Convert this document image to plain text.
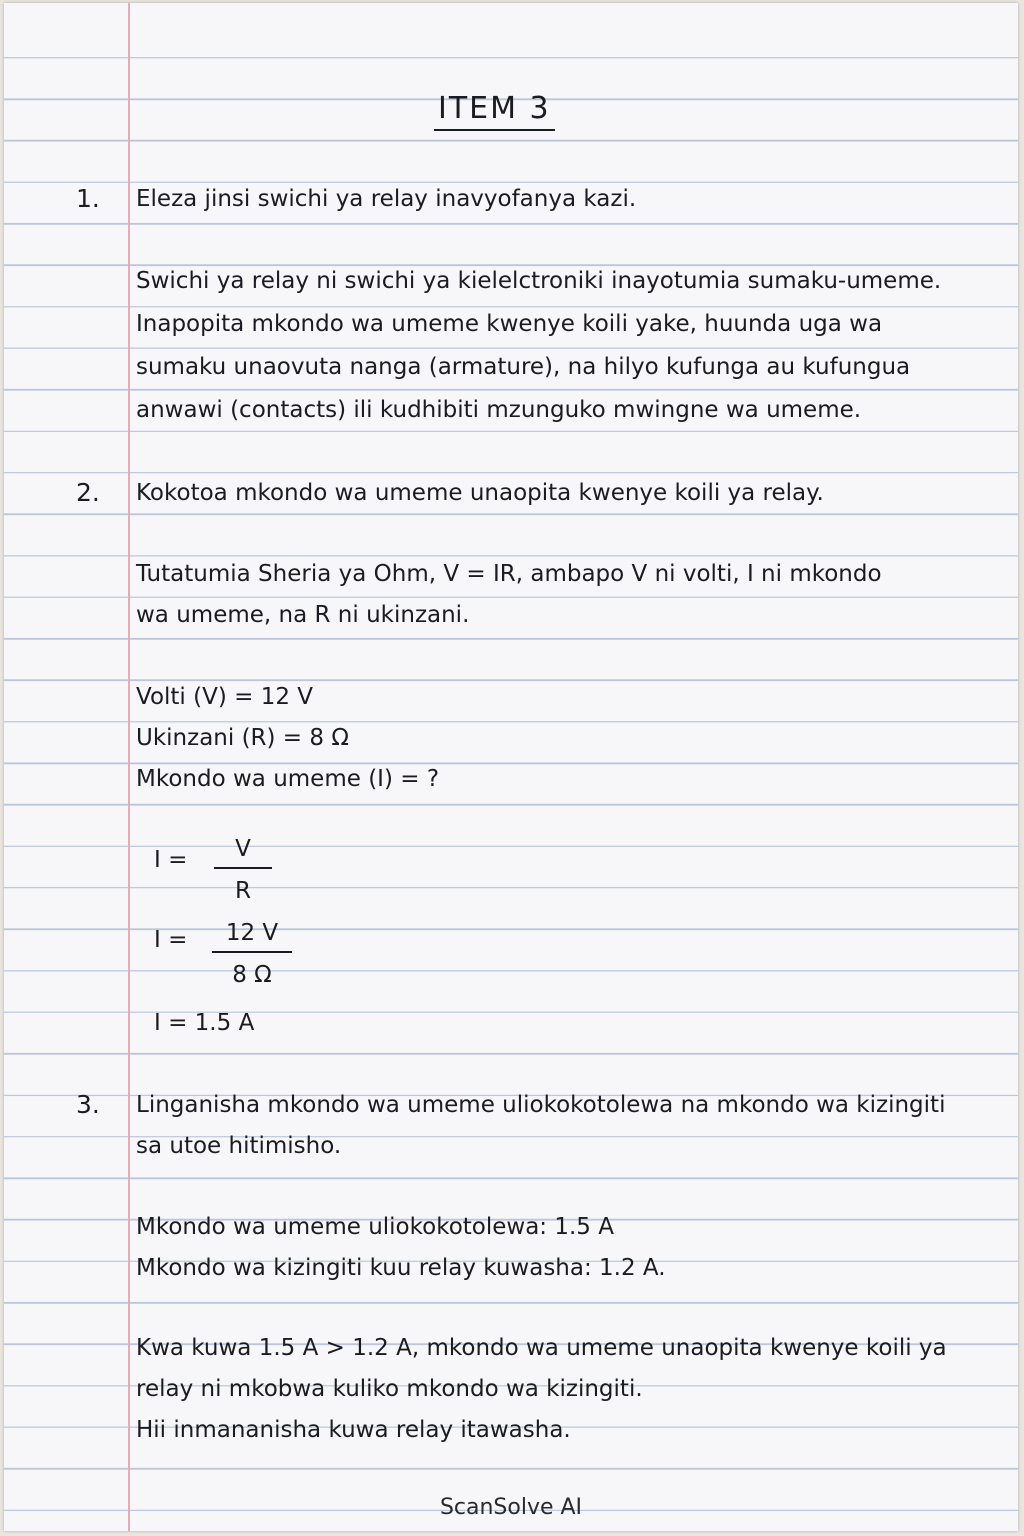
ITEM 3
1. Eleza jinsi swichi ya relay inavyofanya kazi.
Swichi ya relay ni swichi ya kielelctroniki inayotumia sumaku-umeme.
Inapopita mkondo wa umeme kwenye koili yake, huunda uga wa
sumaku unaovuta nanga (armature), na hilyo kufunga au kufungua
anwawi (contacts) ili kudhibiti mzunguko mwingne wa umeme.
2. Kokotoa mkondo wa umeme unaopita kwenye koili ya relay.
Tutatumia Sheria ya Ohm, V = IR, ambapo V ni volti, I ni mkondo
wa umeme, na R ni ukinzani.
Volti (V) = 12 V
Ukinzani (R) = 8 Ω
Mkondo wa umeme (I) = ?
$I = \frac{V}{R}$
$I = \frac{12 V}{8 \Omega}$
I = 1.5 A
3. Linganisha mkondo wa umeme uliokokotolewa na mkondo wa kizingiti
sa utoe hitimisho.
Mkondo wa umeme uliokokotolewa: 1.5 A
Mkondo wa kizingiti kuu relay kuwasha: 1.2 A.
Kwa kuwa 1.5 A > 1.2 A, mkondo wa umeme unaopita kwenye koili ya
relay ni mkobwa kuliko mkondo wa kizingiti.
Hii inmananisha kuwa relay itawasha.
ScanSolve AI
